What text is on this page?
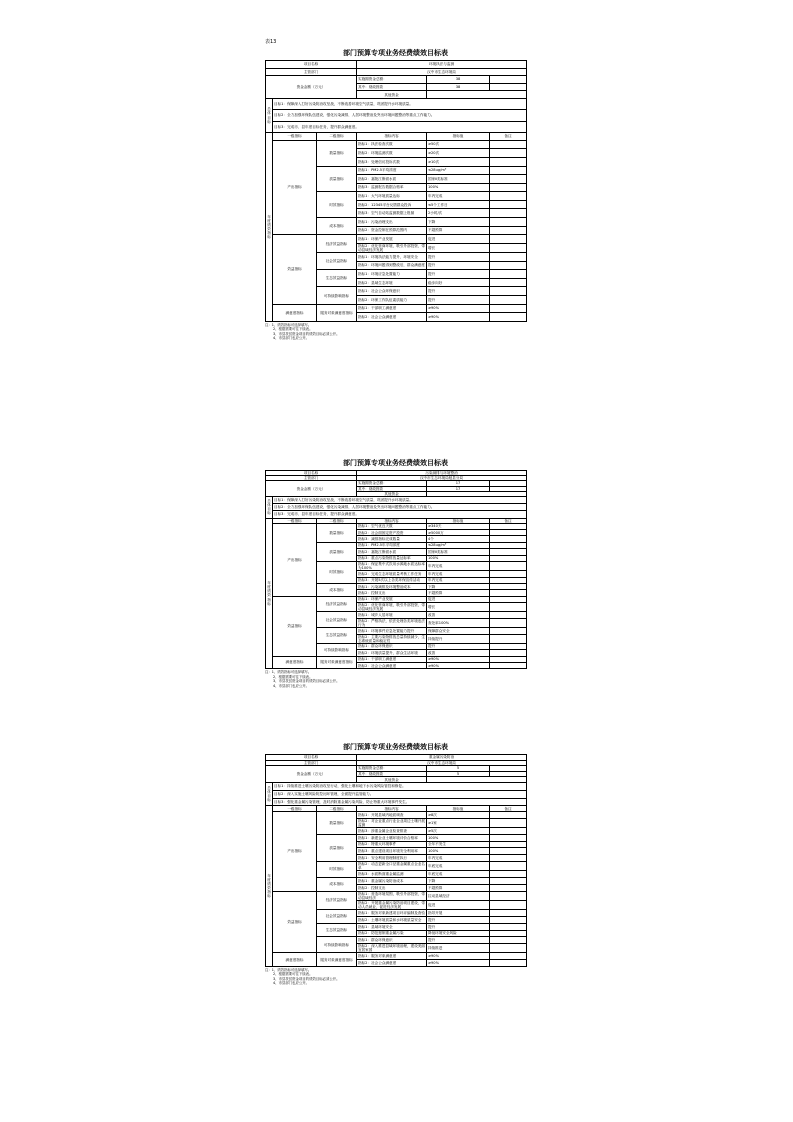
表13
部门预算专项业务经费绩效目标表
项目名称			环境执法与监测		
主管部门			汉中市生态环境局		
资金金额（万元）			实施期资金总额：	38	
			其中：财政拨款	38	
			其他资金		
总体目标	目标1：保障深入打好污染防治攻坚战，不断改善环境空气质量，巩固提升水环境质量。				
	目标2：全力加强环保队伍建设，强化污染减排、人居环境整治及突出环境问题整治等重点工作能力。				
	目标3：完成市、县年度目标任务，提升群众满意度。				
年度绩效指标	一级指标	二级指标	指标内容	指标值	备注
	产出指标	数量指标	指标1：执法检查次数	≥50次	
			指标2：环境监测次数	≥20次	
			指标3：处理信访投诉次数	≥10次	
		质量指标	指标1：PM2.5平均浓度	≤28ug/m³	
			指标2：嘉陵江断面水质	国家Ⅱ类标准	
			指标3：监测报告数据合格率	100%	
		时效指标	指标1：大气环境质量达标	年内完成	
			指标2：12345平台反馈群众投诉	≤5个工作日	
			指标3：空气自动站监测数据上报频	2小时/次	
		成本指标	指标1：污染治理支出	下降	
			指标2：资金控制在预算范围内	不超预算	
	效益指标	经济效益指标	指标1：环保产业发展	促进	
			指标2：优化营商环境，吸引外部投资，带动县域经济发展	增长	
		社会效益指标	指标1：环境执法能力提升，环境安全	提升	
			指标2：环境问题得到整改后，群众满意度	提升	
		生态效益指标	指标1：环境应急处置能力	提升	
			指标2：县域生态环境	稳步向好	
		可持续影响指标	指标1：社会公众环保意识	提升	
			指标2：环保工作队伍素质能力	提升	
	满意度指标	服务对象满意度指标	指标1：干部职工满意度	≥90%	
			指标2：社会公众满意度	≥90%	
注：1、绩效指标可选择填写。
2、根据需要可往下续表。
3、市县扶贫资金项目的绩效目标必须公开。
4、市县部门也应公开。
部门预算专项业务经费绩效目标表
项目名称			污染减排与环境整治		
主管部门			汉中市生态环境局勉县分局		
资金金额（万元）			实施期资金总额：	17	
			其中：财政拨款	17	
			其他资金		
总体目标	目标1：保障深入打好污染防治攻坚战，不断改善环境空气质量，巩固提升水环境质量。				
	目标2：全力加强环保队伍建设，强化污染减排、人居环境整治及突出环境问题整治等重点工作能力。				
	目标3：完成市、县年度目标任务，提升群众满意度。				
年度绩效指标	一级指标	二级指标	指标内容	指标值	备注
	产出指标	数量指标	指标1：空气优良天数	≥340天	
			指标2：社会面固定资产投资	≥5000万	
			指标3：减排指标完成数量	4个	
		质量指标	指标1：PM2.5年平均浓度	≤28ug/m³	
			指标2：嘉陵江断面水质	国家Ⅱ类标准	
			指标3：重点污染物排放量达标率	100%	
		时效指标	指标1：保证集中式饮用水源地水质达标率为100%	年内完成	
			指标2：完成生态环境质量考核工作任务	年内完成	
			指标3：开展5次以上各类环保宣传活动	年内完成	
		成本指标	指标1：污染减排及环境整治成本	下降	
			指标2：控制支出	不超预算	
	效益指标	经济效益指标	指标1：环保产业发展	促进	
			指标2：优化营商环境，吸引外部投资，带动县域经济发展	增长	
		社会效益指标	指标1：城乡人居环境	改善	
			指标2：严格执法，依法处理各类环境违法行为	查处率100%	
		生态效益指标	指标1：环境事件应急处置能力提升	保障群众安全	
			指标2：主要污染物排放总量持续减少，生态系统质量和稳定性	持续提升	
		可持续影响指标	指标1：群众环保意识	提升	
			指标2：环境质量提升，群众生活环境	改善	
	满意度指标	服务对象满意度指标	指标1：干部职工满意度	≥90%	
			指标2：社会公众满意度	≥90%	
注：1、绩效指标可选择填写。
2、根据需要可往下续表。
3、市县扶贫资金项目的绩效目标必须公开。
4、市县部门也应公开。
部门预算专项业务经费绩效目标表
项目名称			重金属污染防治		
主管部门			汉中市生态环境局		
资金金额（万元）			实施期资金总额：	5	
			其中：财政拨款	5	
			其他资金		
总体目标	目标1：持续推进土壤污染防治攻坚行动，强化土壤和地下水污染风险管控和修复。				
	目标2：深入实施土壤风险防控闭环管理，全面提升监管能力。				
	目标3：强化重金属污染管理，及时消除重金属污染风险，防止特重大环境事件发生。				
年度绩效指标	一级指标	二级指标	指标内容	指标值	备注
	产出指标	数量指标	指标1：开展县域内地质调查	≥8次	
			指标2：对企业重点行业企业周边土壤开展监测	≥1家	
			指标3：涉重金属企业检查排查	≥5次	
		质量指标	指标1：新建企业土壤环境评价合格率	100%	
			指标2：特重大环境事件	全年不发生	
			指标3：重点建设项目环境安全利用率	100%	
			指标1：安全利用管理制度执行	年内完成	
		时效指标	指标2：动态更新全口径重金属重点企业名单	年底完成	
			指标3：水质断面重金属监测	年底完成	
		成本指标	指标1：重金属污染防治成本	下降	
			指标2：控制支出	不超预算	
	效益指标	经济效益指标	指标1：营造环境氛围，吸引外部投资，带动县域经济	拉动县域经济	
			指标2：开展重金属污染防治项目建设，带动人员就业，促进经济发展	促进	
		社会效益指标	指标1：服务对象新建项目环评编制及查验	指导开展	
			指标2：土壤环境质量和水环境质量安全	提升	
		生态效益指标	指标1：县域环境安全	提升	
			指标2：防范遏制重金属污染	降低环境安全风险	
		可持续影响指标	指标1：群众环保意识	提升	
			指标2：深入推进县域环境治理，建设美丽宜居家园	持续推进	
	满意度指标	服务对象满意度指标	指标1：服务对象满意度	≥90%	
			指标2：社会公众满意度	≥90%	
注：1、绩效指标可选择填写。
2、根据需要可往下续表。
3、市县扶贫资金项目的绩效目标必须公开。
4、市县部门也应公开。
